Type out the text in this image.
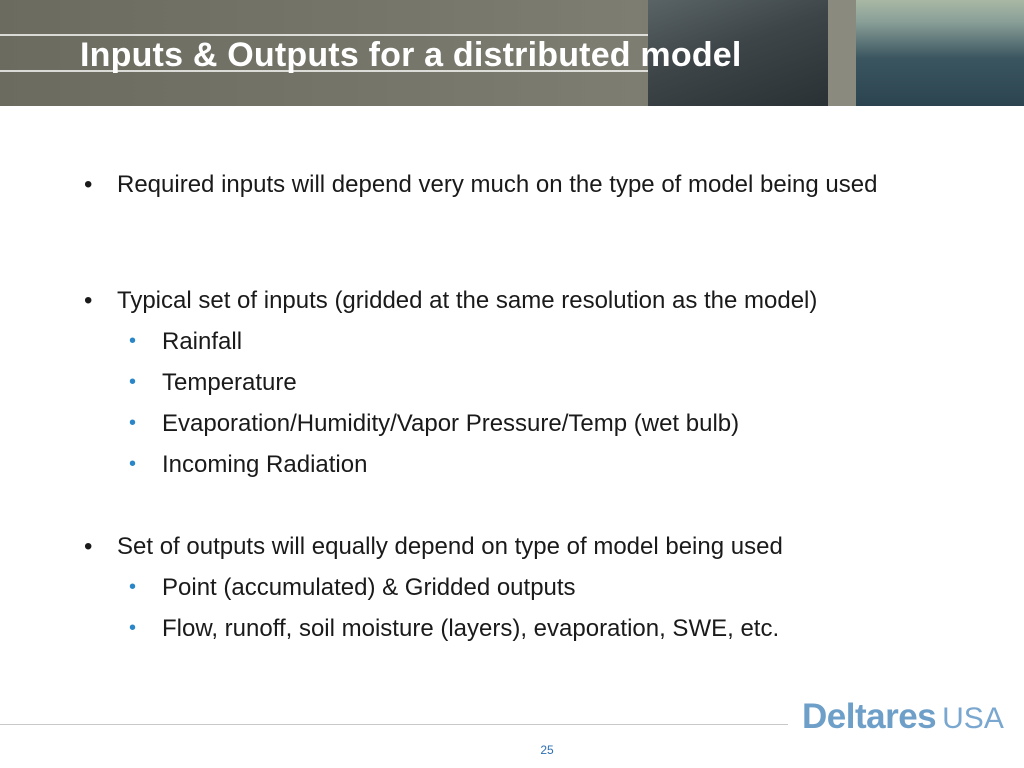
Inputs & Outputs for a distributed model
• Required inputs will depend very much on the type of model being used
• Typical set of inputs (gridded at the same resolution as the model)
• Rainfall
• Temperature
• Evaporation/Humidity/Vapor Pressure/Temp (wet bulb)
• Incoming Radiation
• Set of outputs will equally depend on type of model being used
• Point (accumulated) & Gridded outputs
• Flow, runoff, soil moisture (layers), evaporation, SWE, etc.
Deltares USA
25
